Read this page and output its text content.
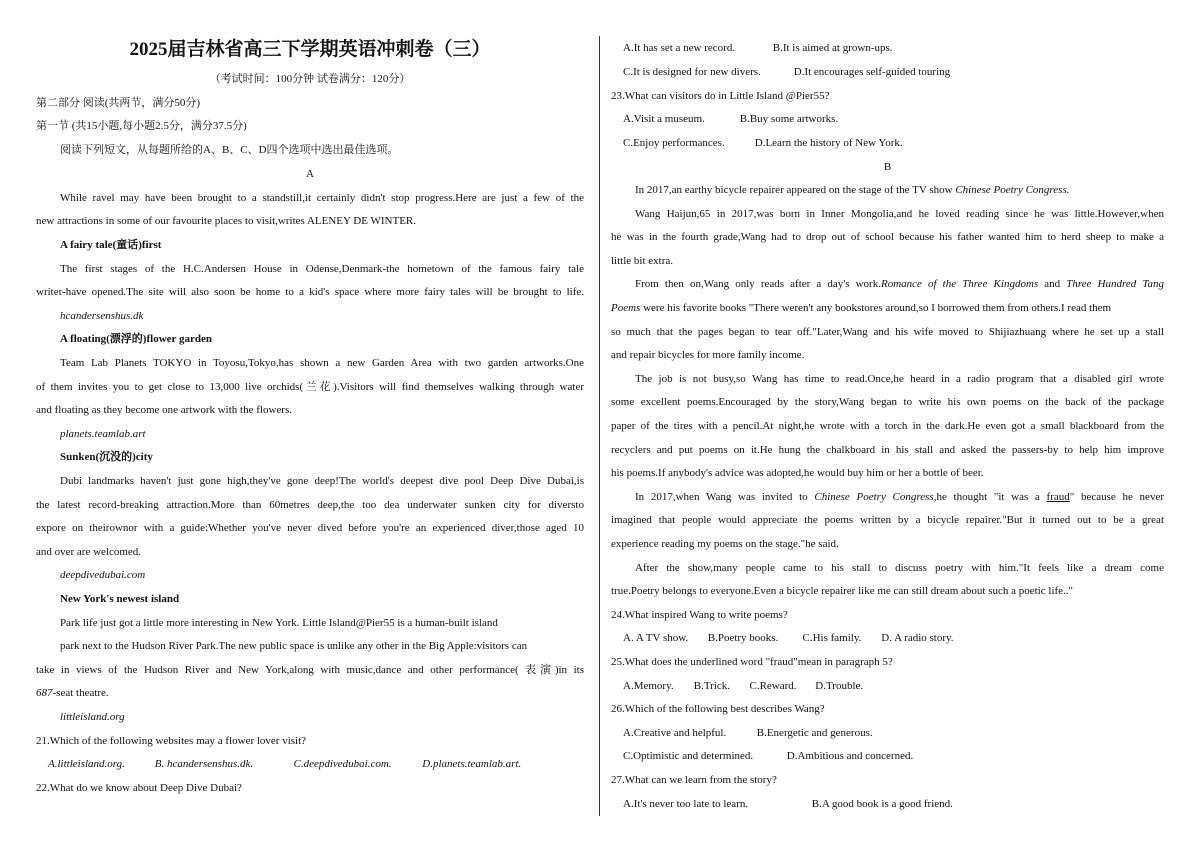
2025届吉林省高三下学期英语冲刺卷（三）
（考试时间：100分钟 试卷满分：120分）
第二部分 阅读(共两节，满分50分)
第一节 (共15小题,每小题2.5分，满分37.5分)
阅读下列短文，从每题所给的A、B、C、D四个选项中选出最佳选项。
A
While ravel may have been brought to a standstill,it certainly didn't stop progress.Here are just a few of the
new attractions in some of our favourite places to visit,writes ALENEY DE WINTER.
A fairy tale(童话)first
The first stages of the H.C.Andersen House in Odense,Denmark-the hometown of the famous fairy tale
writer-have opened.The site will also soon be home to a kid's space where more fairy tales will be brought to life.
hcandersenshus.dk
A floating(漂浮的)flower garden
Team Lab Planets TOKYO in Toyosu,Tokyo,has shown a new Garden Area with two garden artworks.One
of them invites you to get close to 13,000 live orchids(兰花).Visitors will find themselves walking through water
and floating as they become one artwork with the flowers.
planets.teamlab.art
Sunken(沉没的)city
Dubi landmarks haven't just gone high,they've gone deep!The world's deepest dive pool Deep Dive Dubai,is
the latest record-breaking attraction.More than 60metres deep,the too dea underwater sunken city for diversto
expore on theirownor with a guide:Whether you've never dived before you're an experienced diver,those aged 10
and over are welcomed.
deepdivedubai.com
New York's newest island
Park life just got a little more interesting in New York. Little Island@Pier55 is a human-built island
park next to the Hudson River Park.The new public space is unlike any other in the Big Apple:visitors can
take in views of the Hudson River and New York,along with music,dance and other performance( 表演)in its
687-seat theatre.
littleisland.org
21.Which of the following websites may a flower lover visit?
A.littleisland.org.	B. hcandersenshus.dk.	C.deepdivedubai.com.	D.planets.teamlab.art.
22.What do we know about Deep Dive Dubai?
A.It has set a new record.	B.It is aimed at grown-ups.
C.It is designed for new divers.	D.It encourages self-guided touring
23.What can visitors do in Little Island @Pier55?
A.Visit a museum.	B.Buy some artworks.
C.Enjoy performances.	D.Learn the history of New York.
B
In 2017,an earthy bicycle repairer appeared on the stage of the TV show Chinese Poetry Congress.
Wang Haijun,65 in 2017,was born in Inner Mongolia,and he loved reading since he was little.However,when
he was in the fourth grade,Wang had to drop out of school because his father wanted him to herd sheep to make a
little bit extra.
From then on,Wang only reads after a day's work.Romance of the Three Kingdoms and Three Hundred Tang
Poems were his favorite books "There weren't any bookstores around,so I borrowed them from others.I read them
so much that the pages began to tear off."Later,Wang and his wife moved to Shijiazhuang where he set up a stall
and repair bicycles for more family income.
The job is not busy,so Wang has time to read.Once,he heard in a radio program that a disabled girl wrote
some excellent poems.Encouraged by the story,Wang began to write his own poems on the back of the package
paper of the tires with a pencil.At night,he wrote with a torch in the dark.He even got a small blackboard from the
recyclers and put poems on it.He hung the chalkboard in his stall and asked the passers-by to help him improve
his poems.If anybody's advice was adopted,he would buy him or her a bottle of beer.
In 2017,when Wang was invited to Chinese Poetry Congress,he thought "it was a fraud" because he never
imagined that people would appreciate the poems written by a bicycle repairer."But it turned out to be a great
experience reading my poems on the stage."he said.
After the show,many people came to his stall to discuss poetry with him."It feels like a dream come
true.Poetry belongs to everyone.Even a bicycle repairer like me can still dream about such a poetic life.."
24.What inspired Wang to write poems?
A. A TV show. B.Poetry books. C.His family. D. A radio story.
25.What does the underlined word "fraud"mean in paragraph 5?
A.Memory. B.Trick. C.Reward. D.Trouble.
26.Which of the following best describes Wang?
A.Creative and helpful.	B.Energetic and generous.
C.Optimistic and determined.	D.Ambitious and concerned.
27.What can we learn from the story?
A.It's never too late to learn.	B.A good book is a good friend.
